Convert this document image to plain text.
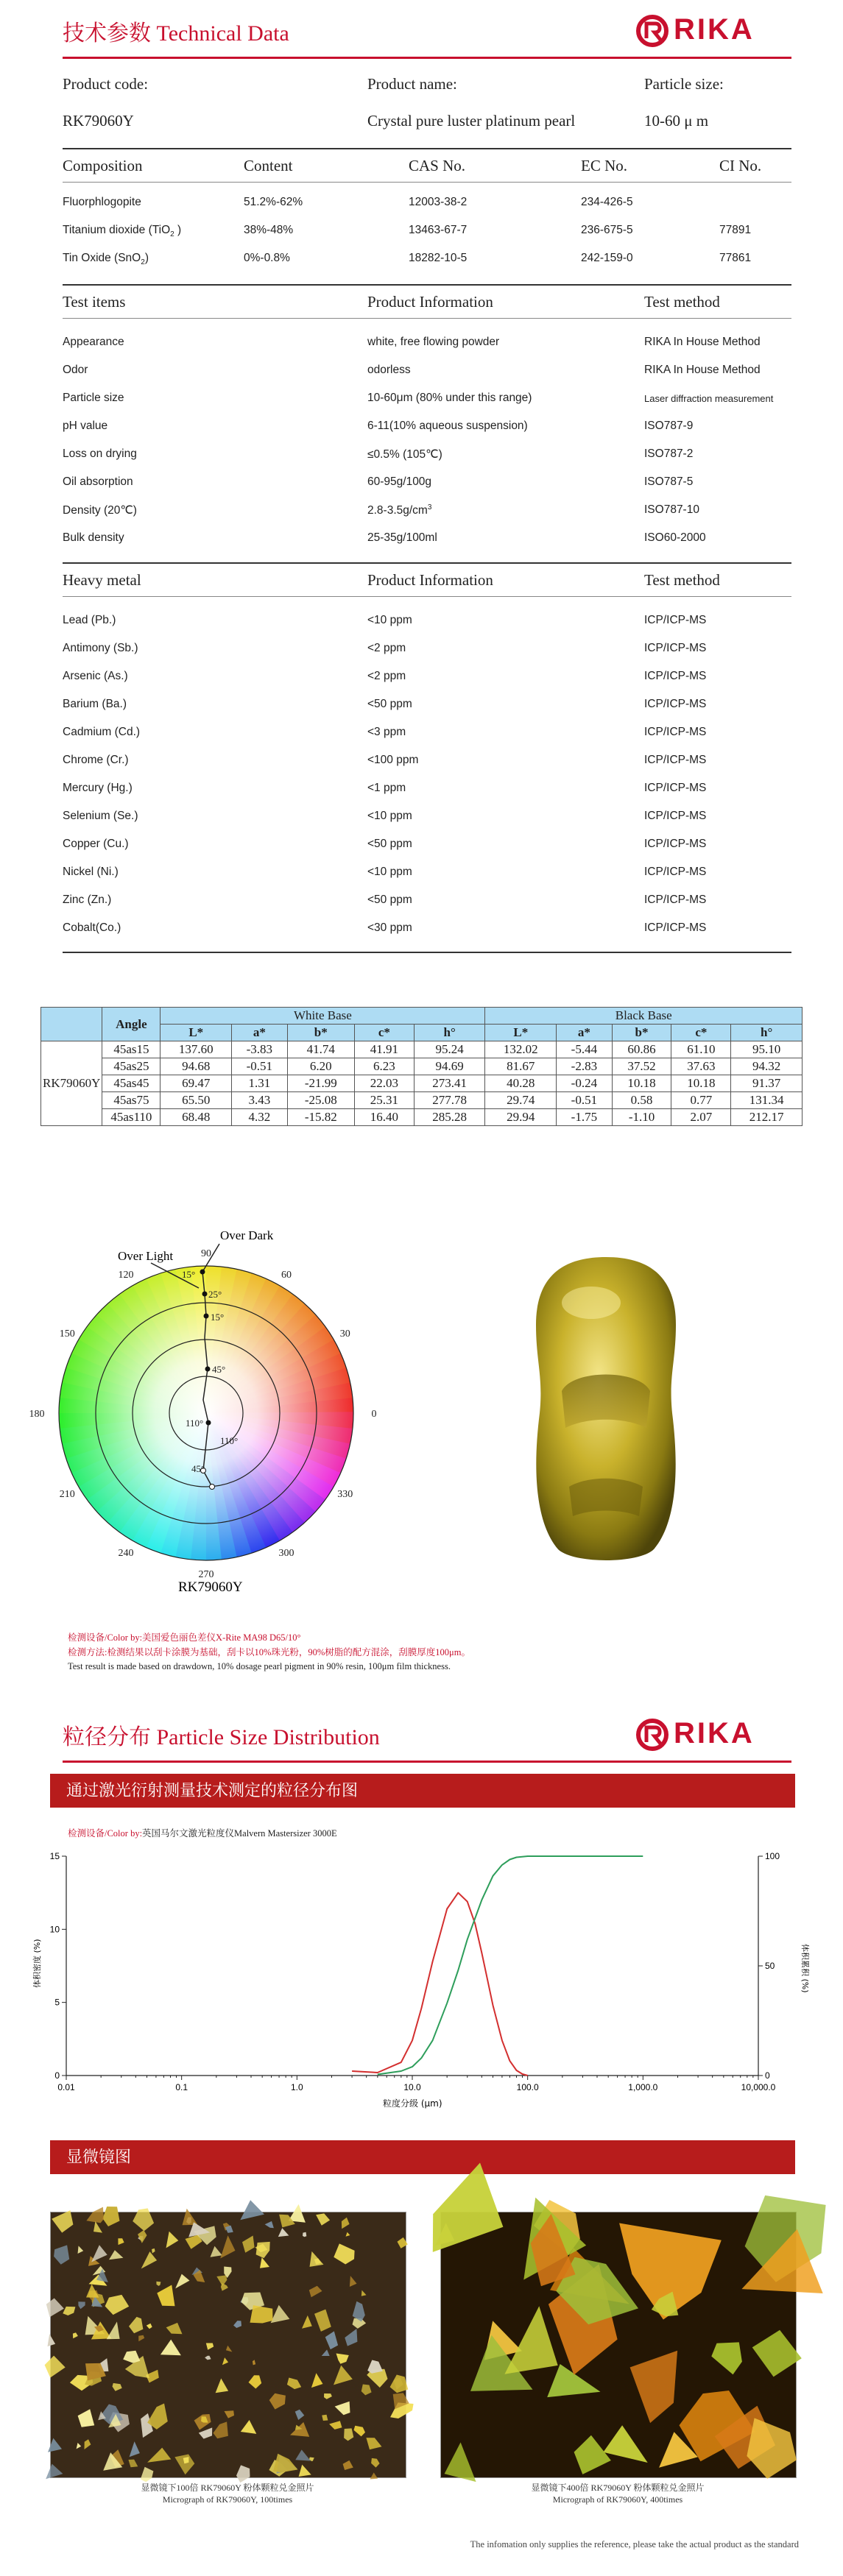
技术参数 Technical Data	RIKA
Product code:	Product name:	Particle size:
RK79060Y	Crystal pure luster platinum pearl	10-60 μ m
Composition	Content	CAS No.	EC No.	CI No.
Fluorphlogopite	51.2%-62%	12003-38-2	234-426-5
Titanium dioxide (TiO$_2$ )	38%-48%	13463-67-7	236-675-5	77891
Tin Oxide (SnO$_2$)	0%-0.8%	18282-10-5	242-159-0	77861
Test items	Product Information	Test method
Appearance	white, free flowing powder	RIKA In House Method
Odor	odorless	RIKA In House Method
Particle size	10-60μm (80% under this range)	Laser diffraction measurement
pH value	6-11(10% aqueous suspension)	ISO787-9
Loss on drying	≤0.5% (105℃)	ISO787-2
Oil absorption	60-95g/100g	ISO787-5
Density (20℃)	$2.8-3.5g/cm^3$	ISO787-10
Bulk density	25-35g/100ml	ISO60-2000
Heavy metal	Product Information	Test method
Lead (Pb.)	<10 ppm	ICP/ICP-MS
Antimony (Sb.)	<2 ppm	ICP/ICP-MS
Arsenic (As.)	<2 ppm	ICP/ICP-MS
Barium (Ba.)	<50 ppm	ICP/ICP-MS
Cadmium (Cd.)	<3 ppm	ICP/ICP-MS
Chrome (Cr.)	<100 ppm	ICP/ICP-MS
Mercury (Hg.)	<1 ppm	ICP/ICP-MS
Selenium (Se.)	<10 ppm	ICP/ICP-MS
Copper (Cu.)	<50 ppm	ICP/ICP-MS
Nickel (Ni.)	<10 ppm	ICP/ICP-MS
Zinc (Zn.)	<50 ppm	ICP/ICP-MS
Cobalt(Co.)	<30 ppm	ICP/ICP-MS
	Angle	White Base					Black Base				
		L*	a*	b*	c*	h°	L*	a*	b*	c*	h°
RK79060Y	45as15	137.60	-3.83	41.74	41.91	95.24	132.02	-5.44	60.86	61.10	95.10
	45as25	94.68	-0.51	6.20	6.23	94.69	81.67	-2.83	37.52	37.63	94.32
	45as45	69.47	1.31	-21.99	22.03	273.41	40.28	-0.24	10.18	10.18	91.37
	45as75	65.50	3.43	-25.08	25.31	277.78	29.74	-0.51	0.58	0.77	131.34
	45as110	68.48	4.32	-15.82	16.40	285.28	29.94	-1.75	-1.10	2.07	212.17
90
60
30
0
330
300
270
240
210
180
150
120
Over Dark
Over Light
15°
25°
15°
45°
110°
110°
45°
RK79060Y
检测设备/Color by:美国爱色丽色差仪X-Rite MA98 D65/10°
检测方法:检测结果以刮卡涂膜为基础，刮卡以10%珠光粉，90%树脂的配方混涂，刮膜厚度100μm。
Test result is made based on drawdown, 10% dosage pearl pigment in 90% resin, 100μm film thickness.
粒径分布 Particle Size Distribution	RIKA
通过激光衍射测量技术测定的粒径分布图
检测设备/Color by:英国马尔文激光粒度仪Malvern Mastersizer 3000E
0.01	0.1	1.0	10.0	100.0	1,000.0	10,000.0
0
5
10
15
0
50
100
粒度分级 (μm)
体积密度 (%)	体积累积 (%)
显微镜图
显微镜下100倍 RK79060Y 粉体颗粒兑金照片
Micrograph of RK79060Y, 100times
显微镜下400倍 RK79060Y 粉体颗粒兑金照片
Micrograph of RK79060Y, 400times
The infomation only supplies the reference, please take the actual product as the standard
